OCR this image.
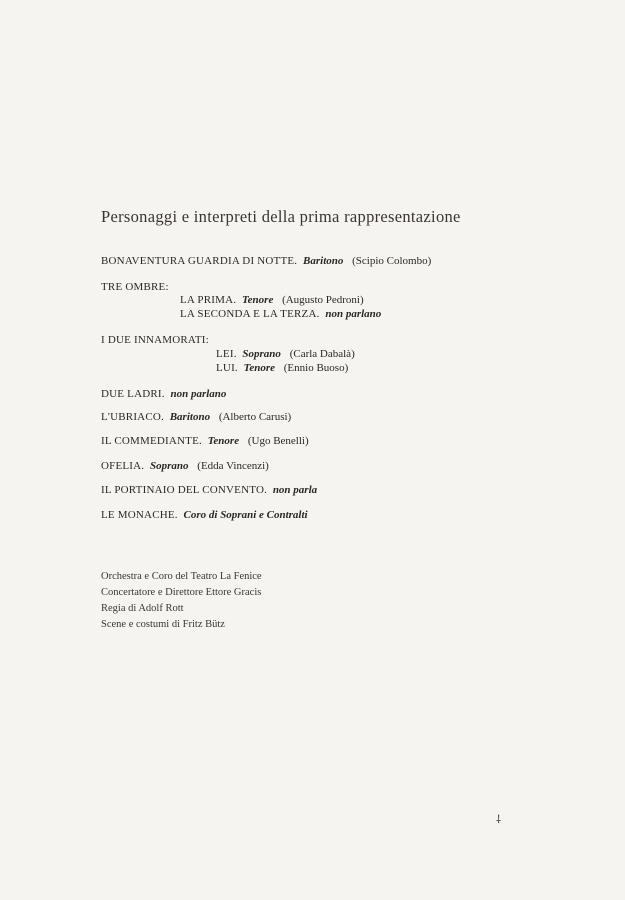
Personaggi e interpreti della prima rappresentazione
BONAVENTURA GUARDIA DI NOTTE. Baritono (Scipio Colombo)
TRE OMBRE:
LA PRIMA. Tenore (Augusto Pedroni)
LA SECONDA E LA TERZA. non parlano
I DUE INNAMORATI:
LEI. Soprano (Carla Dabalà)
LUI. Tenore (Ennio Buoso)
DUE LADRI. non parlano
L'UBRIACO. Baritono (Alberto Carusi)
IL COMMEDIANTE. Tenore (Ugo Benelli)
OFELIA. Soprano (Edda Vincenzi)
IL PORTINAIO DEL CONVENTO. non parla
LE MONACHE. Coro di Soprani e Contralti
Orchestra e Coro del Teatro La Fenice
Concertatore e Direttore Ettore Gracis
Regia di Adolf Rott
Scene e costumi di Fritz Bütz
⸸
